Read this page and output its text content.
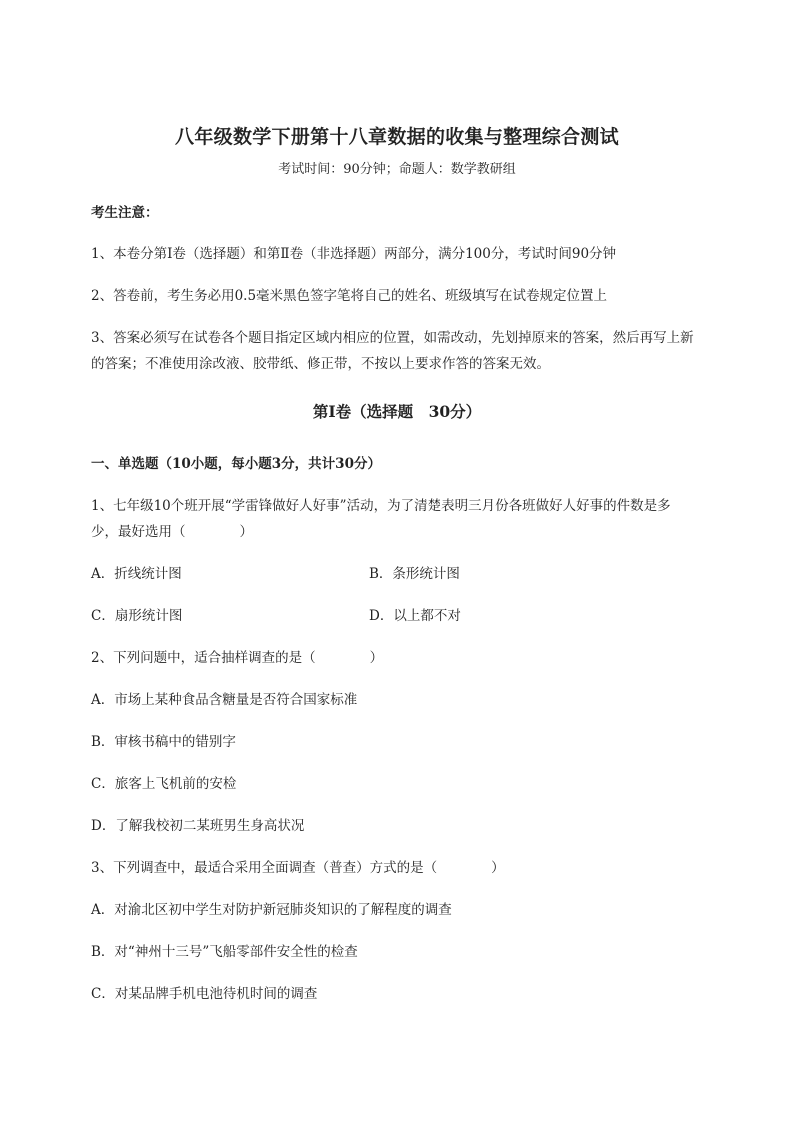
八年级数学下册第十八章数据的收集与整理综合测试
考试时间：90分钟；命题人：数学教研组
考生注意：
1、本卷分第I卷（选择题）和第Ⅱ卷（非选择题）两部分，满分100分，考试时间90分钟
2、答卷前，考生务必用0.5毫米黑色签字笔将自己的姓名、班级填写在试卷规定位置上
3、答案必须写在试卷各个题目指定区域内相应的位置，如需改动，先划掉原来的答案，然后再写上新
的答案；不准使用涂改液、胶带纸、修正带，不按以上要求作答的答案无效。
第I卷（选择题　30分）
一、单选题（10小题，每小题3分，共计30分）
1、七年级10个班开展“学雷锋做好人好事”活动，为了清楚表明三月份各班做好人好事的件数是多
少，最好选用（	）
A．折线统计图	B．条形统计图
C．扇形统计图	D．以上都不对
2、下列问题中，适合抽样调查的是（	）
A．市场上某种食品含糖量是否符合国家标准
B．审核书稿中的错别字
C．旅客上飞机前的安检
D．了解我校初二某班男生身高状况
3、下列调查中，最适合采用全面调查（普查）方式的是（	）
A．对渝北区初中学生对防护新冠肺炎知识的了解程度的调查
B．对“神州十三号”飞船零部件安全性的检查
C．对某品牌手机电池待机时间的调查
